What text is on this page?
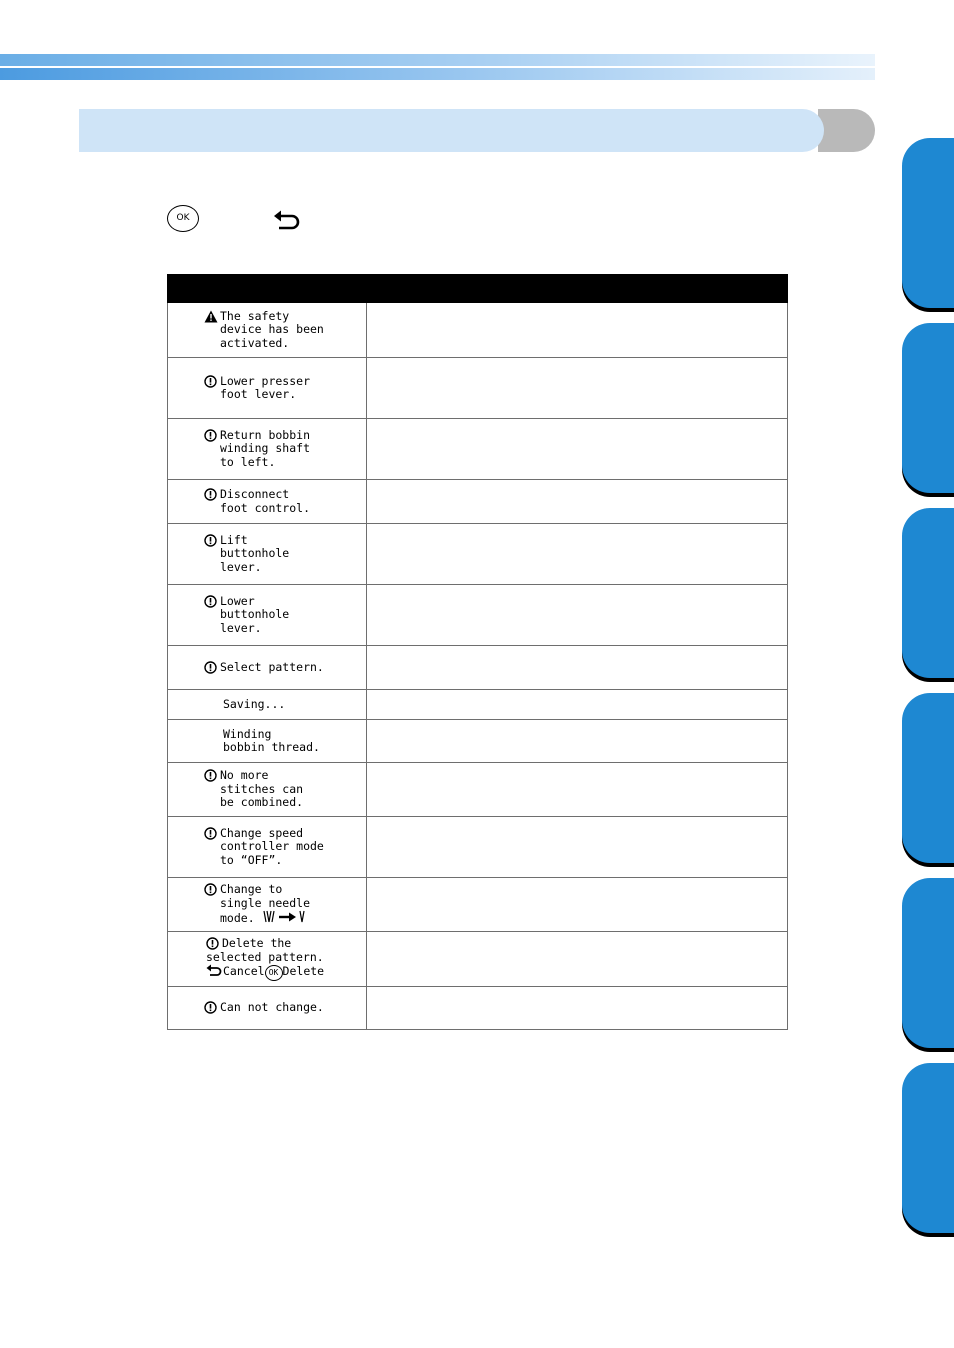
OK

The safety
device has been
activated.	

Lower presser
foot lever.	

Return bobbin
winding shaft
to left.	

Disconnect
foot control.	

Lift
buttonhole
lever.	

Lower
buttonhole
lever.	

Select pattern.	

Saving...	

Winding
bobbin thread.	

No more
stitches can
be combined.	

Change speed
controller mode
to “OFF”.	

Change to
single needle
mode.	

Delete the
selected pattern.
Cancel OK Delete	

Can not change.	
